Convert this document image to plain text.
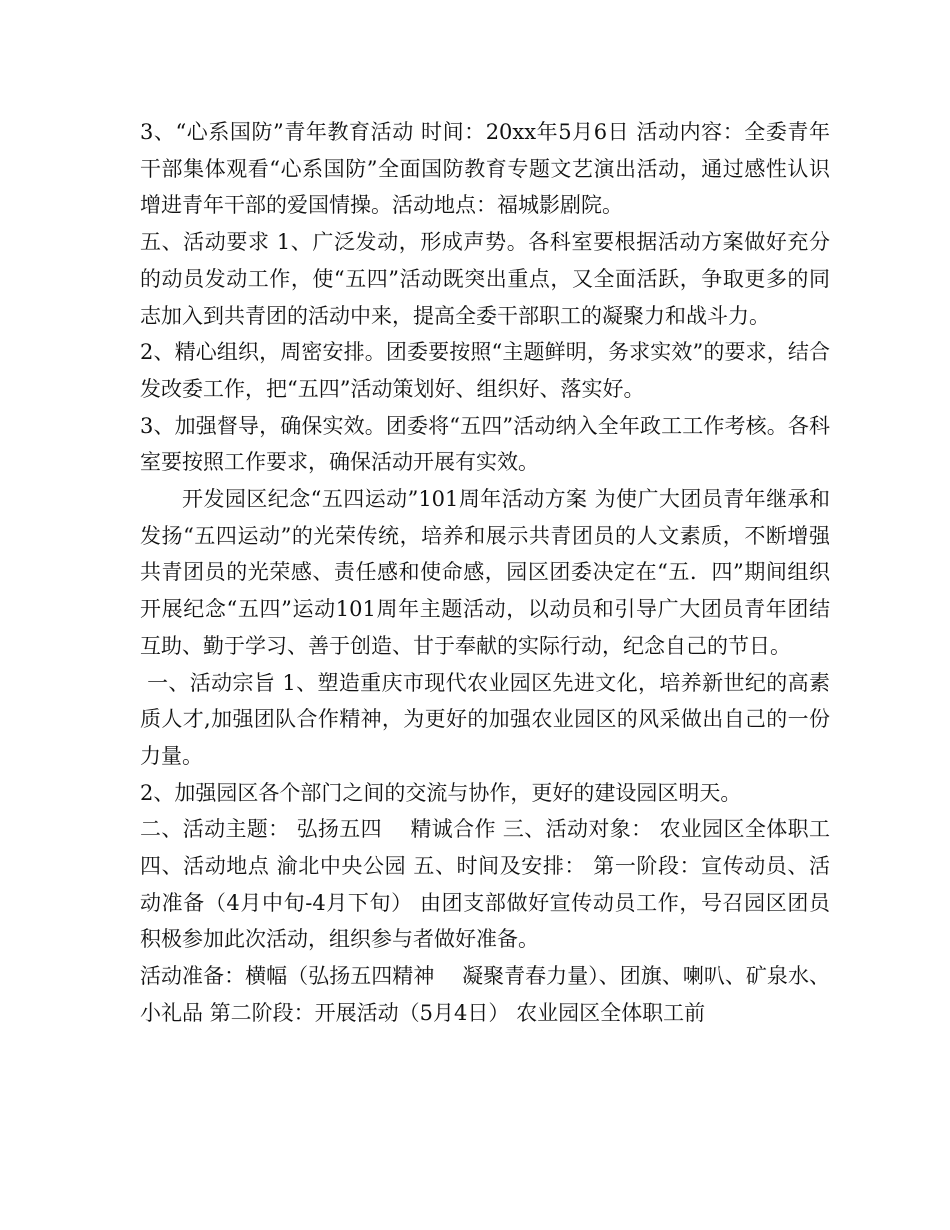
3、“心系国防”青年教育活动 时间：20xx年5月6日 活动内容：全委青年干部集体观看“心系国防”全面国防教育专题文艺演出活动，通过感性认识增进青年干部的爱国情操。活动地点：福城影剧院。

五、活动要求 1、广泛发动，形成声势。各科室要根据活动方案做好充分的动员发动工作，使“五四”活动既突出重点，又全面活跃，争取更多的同志加入到共青团的活动中来，提高全委干部职工的凝聚力和战斗力。

2、精心组织，周密安排。团委要按照“主题鲜明，务求实效”的要求，结合发改委工作，把“五四”活动策划好、组织好、落实好。

3、加强督导，确保实效。团委将“五四”活动纳入全年政工工作考核。各科室要按照工作要求，确保活动开展有实效。

开发园区纪念“五四运动”101周年活动方案 为使广大团员青年继承和发扬“五四运动”的光荣传统，培养和展示共青团员的人文素质，不断增强共青团员的光荣感、责任感和使命感，园区团委决定在“五．四”期间组织开展纪念“五四”运动101周年主题活动，以动员和引导广大团员青年团结互助、勤于学习、善于创造、甘于奉献的实际行动，纪念自己的节日。

一、活动宗旨 1、塑造重庆市现代农业园区先进文化，培养新世纪的高素质人才,加强团队合作精神，为更好的加强农业园区的风采做出自己的一份力量。

2、加强园区各个部门之间的交流与协作，更好的建设园区明天。

二、活动主题： 弘扬五四 　精诚合作 三、活动对象： 农业园区全体职工 四、活动地点 渝北中央公园 五、时间及安排： 第一阶段：宣传动员、活动准备（4月中旬-4月下旬） 由团支部做好宣传动员工作，号召园区团员积极参加此次活动，组织参与者做好准备。

活动准备：横幅（弘扬五四精神 　凝聚青春力量）、团旗、喇叭、矿泉水、小礼品 第二阶段：开展活动（5月4日） 农业园区全体职工前
